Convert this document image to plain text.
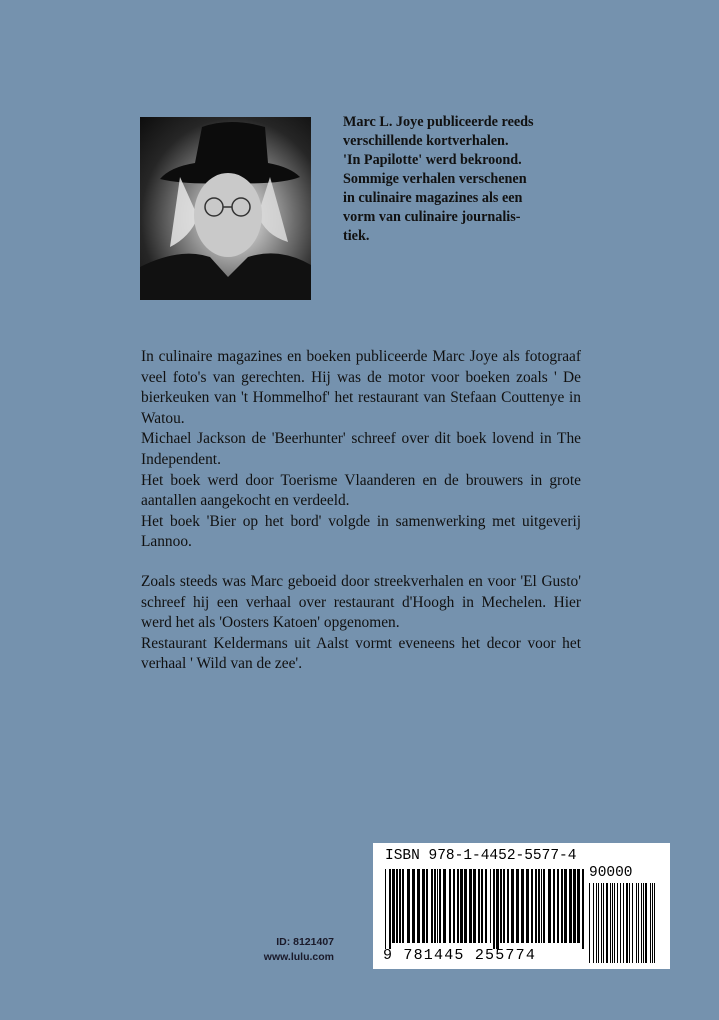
Marc L. Joye publiceerde reeds
verschillende kortverhalen.
'In Papilotte' werd bekroond.
Sommige verhalen verschenen
in culinaire magazines als een
vorm van culinaire journalis-
tiek.

In culinaire magazines en boeken publiceerde Marc Joye als fotograaf veel foto's van gerechten. Hij was de motor voor boeken zoals ' De bierkeuken van 't Hommelhof' het restaurant van Stefaan Couttenye in Watou.

Michael Jackson de 'Beerhunter' schreef over dit boek lovend in The Independent.

Het boek werd door Toerisme Vlaanderen en de brouwers in grote aantallen aangekocht en verdeeld.

Het boek 'Bier op het bord' volgde in samenwerking met uitgeverij Lannoo.

Zoals steeds was Marc geboeid door streekverhalen en voor 'El Gusto' schreef hij een verhaal over restaurant d'Hoogh in Mechelen. Hier werd het als 'Oosters Katoen' opgenomen.

Restaurant Keldermans uit Aalst vormt eveneens het decor voor het verhaal ' Wild van de zee'.

ID: 8121407
www.lulu.com
ISBN 978-1-4452-5577-4
90000
9 781445 255774
